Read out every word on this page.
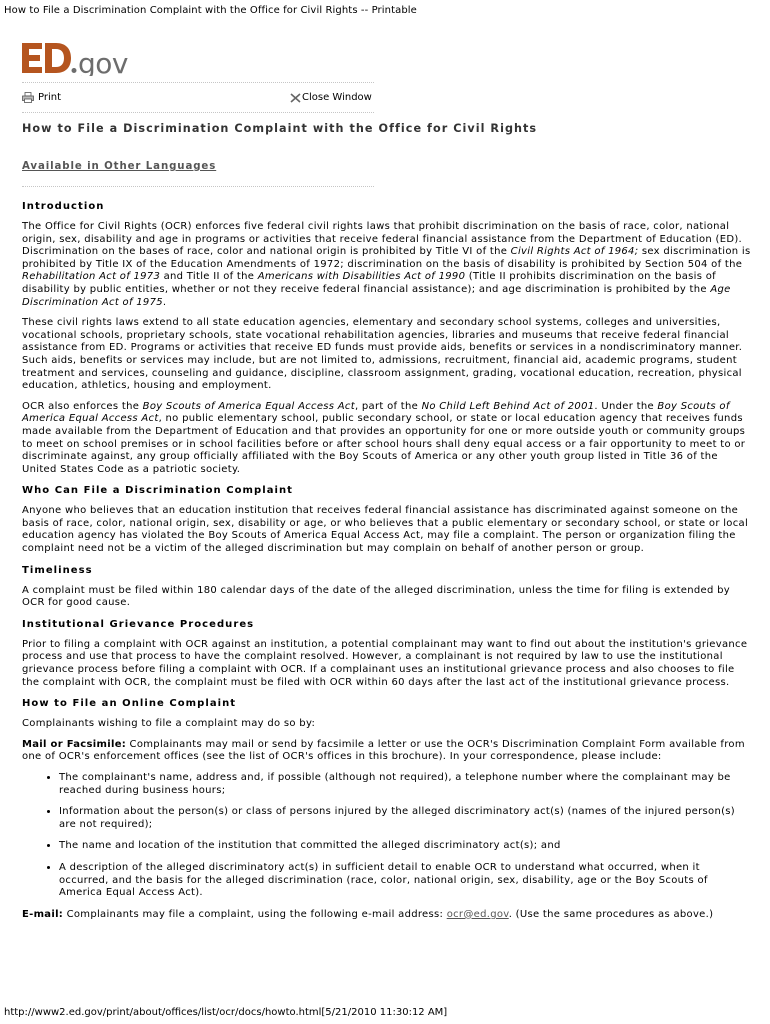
How to File a Discrimination Complaint with the Office for Civil Rights -- Printable
gov
Print	Close Window
How to File a Discrimination Complaint with the Office for Civil Rights
Available in Other Languages
Introduction

The Office for Civil Rights (OCR) enforces five federal civil rights laws that prohibit discrimination on the basis of race, color, national origin, sex, disability and age in programs or activities that receive federal financial assistance from the Department of Education (ED). Discrimination on the bases of race, color and national origin is prohibited by Title VI of the Civil Rights Act of 1964; sex discrimination is prohibited by Title IX of the Education Amendments of 1972; discrimination on the basis of disability is prohibited by Section 504 of the Rehabilitation Act of 1973 and Title II of the Americans with Disabilities Act of 1990 (Title II prohibits discrimination on the basis of disability by public entities, whether or not they receive federal financial assistance); and age discrimination is prohibited by the Age Discrimination Act of 1975.

These civil rights laws extend to all state education agencies, elementary and secondary school systems, colleges and universities, vocational schools, proprietary schools, state vocational rehabilitation agencies, libraries and museums that receive federal financial assistance from ED. Programs or activities that receive ED funds must provide aids, benefits or services in a nondiscriminatory manner. Such aids, benefits or services may include, but are not limited to, admissions, recruitment, financial aid, academic programs, student treatment and services, counseling and guidance, discipline, classroom assignment, grading, vocational education, recreation, physical education, athletics, housing and employment.

OCR also enforces the Boy Scouts of America Equal Access Act, part of the No Child Left Behind Act of 2001. Under the Boy Scouts of America Equal Access Act, no public elementary school, public secondary school, or state or local education agency that receives funds made available from the Department of Education and that provides an opportunity for one or more outside youth or community groups to meet on school premises or in school facilities before or after school hours shall deny equal access or a fair opportunity to meet to or discriminate against, any group officially affiliated with the Boy Scouts of America or any other youth group listed in Title 36 of the United States Code as a patriotic society.

Who Can File a Discrimination Complaint

Anyone who believes that an education institution that receives federal financial assistance has discriminated against someone on the basis of race, color, national origin, sex, disability or age, or who believes that a public elementary or secondary school, or state or local education agency has violated the Boy Scouts of America Equal Access Act, may file a complaint. The person or organization filing the complaint need not be a victim of the alleged discrimination but may complain on behalf of another person or group.

Timeliness

A complaint must be filed within 180 calendar days of the date of the alleged discrimination, unless the time for filing is extended by OCR for good cause.

Institutional Grievance Procedures

Prior to filing a complaint with OCR against an institution, a potential complainant may want to find out about the institution's grievance process and use that process to have the complaint resolved. However, a complainant is not required by law to use the institutional grievance process before filing a complaint with OCR. If a complainant uses an institutional grievance process and also chooses to file the complaint with OCR, the complaint must be filed with OCR within 60 days after the last act of the institutional grievance process.

How to File an Online Complaint

Complainants wishing to file a complaint may do so by:

Mail or Facsimile: Complainants may mail or send by facsimile a letter or use the OCR's Discrimination Complaint Form available from one of OCR's enforcement offices (see the list of OCR's offices in this brochure). In your correspondence, please include:

• The complainant's name, address and, if possible (although not required), a telephone number where the complainant may be reached during business hours;
• Information about the person(s) or class of persons injured by the alleged discriminatory act(s) (names of the injured person(s) are not required);
• The name and location of the institution that committed the alleged discriminatory act(s); and
• A description of the alleged discriminatory act(s) in sufficient detail to enable OCR to understand what occurred, when it occurred, and the basis for the alleged discrimination (race, color, national origin, sex, disability, age or the Boy Scouts of America Equal Access Act).

E-mail: Complainants may file a complaint, using the following e-mail address: ocr@ed.gov. (Use the same procedures as above.)

http://www2.ed.gov/print/about/offices/list/ocr/docs/howto.html[5/21/2010 11:30:12 AM]
